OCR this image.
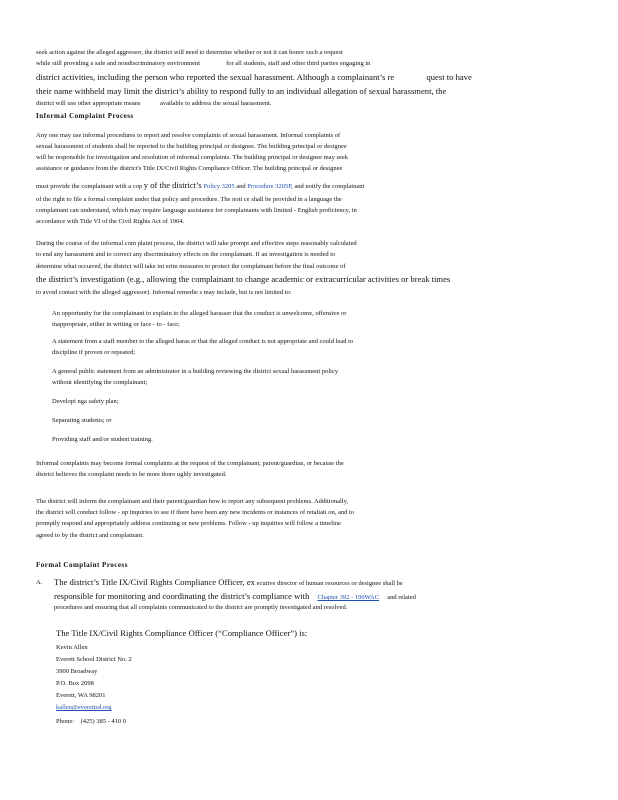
seek action against the alleged aggressor, the district will need to determine whether or not it can honor such a request
while still providing a safe and nondiscriminatory environment                for all students, staff and other third parties engaging in
district activities, including the person who reported the sexual harassment. Although a complainant’s re               quest to have
their name withheld may limit the district’s ability to respond fully to an individual allegation of sexual harassment, the
district will use other appropriate means            available to address the sexual harassment.
Informal Complaint Process
Any one may use informal procedures to report and resolve complaints of sexual harassment. Informal complaints of
sexual harassment of students shall be reported to the building principal or designee. The building principal or designee
will be responsible for investigation and resolution of informal complaints. The building principal or designee may seek
assistance or guidance from the district's Title IX/Civil Rights Compliance Officer. The building principal or designee
must provide the complainant with a cop y of the district’s Policy 3205 and Procedure 3205P, and notify the complainant
of the right to file a formal complaint under that policy and procedure. The noti ce shall be provided in a language the
complainant can understand, which may require language assistance for complainants with limited - English proficiency, in
accordance with Title VI of the Civil Rights Act of 1964.
During the course of the informal com plaint process, the district will take prompt and effective steps reasonably calculated
to end any harassment and to correct any discriminatory effects on the complainant. If an investigation is needed to
determine what occurred, the district will take int erim measures to protect the complainant before the final outcome of
the district’s investigation (e.g., allowing the complainant to change academic or extracurricular activities or break times
to avoid contact with the alleged aggressor). Informal remedie s may include, but is not limited to:
An opportunity for the complainant to explain to the alleged harasser that the conduct is unwelcome, offensive or
inappropriate, either in writing or face - to - face;
A statement from a staff member to the alleged haras er that the alleged conduct is not appropriate and could lead to
discipline if proven or repeated;
A general public statement from an administrator in a building reviewing the district sexual harassment policy
without identifying the complainant;
Developi nga safety plan;
Separating students; or
Providing staff and/or student training.
Informal complaints may become formal complaints at the request of the complainant, parent/guardian, or because the
district believes the complaint needs to be more thoro ughly investigated.
The district will inform the complainant and their parent/guardian how to report any subsequent problems. Additionally,
the district will conduct follow - up inquiries to see if there have been any new incidents or instances of retaliati on, and to
promptly respond and appropriately address continuing or new problems. Follow - up inquiries will follow a timeline
agreed to by the district and complainant.
Formal Complaint Process
A.	The district’s Title IX/Civil Rights Compliance Officer, ex ecutive director of human resources or designee shall be
responsible for monitoring and coordinating the district’s compliance with Chapter 392 - 190WAC and related
procedures and ensuring that all complaints communicated to the district are promptly investigated and resolved.
The Title IX/Civil Rights Compliance Officer (“Compliance Officer”) is:
Kevin Allen
Everett School District No. 2
3900 Broadway
P.O. Box 2098
Everett, WA 98201
kallen@everettsd.org
Phone: (425) 385 - 410 0
